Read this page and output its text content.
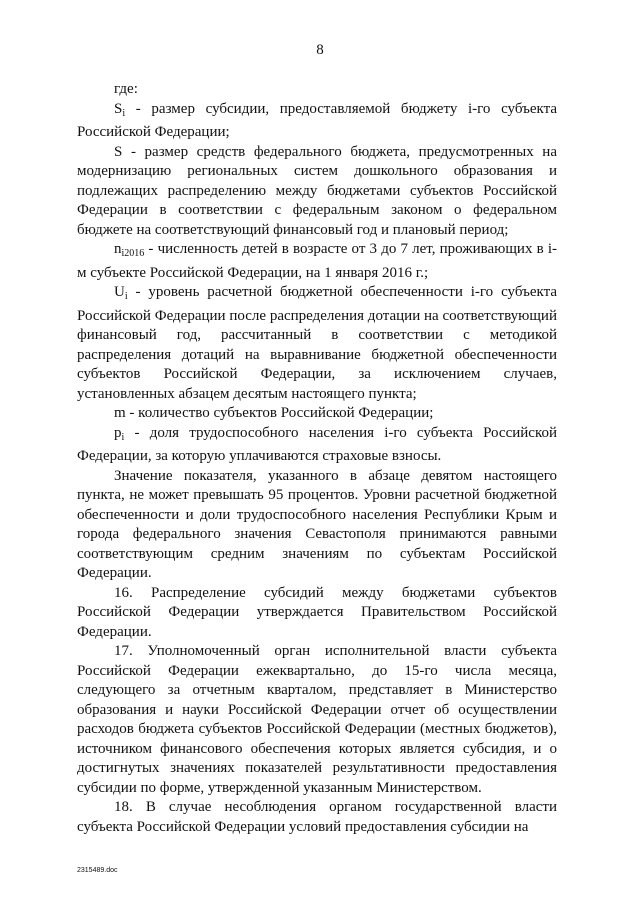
8

где:

$S_i$ - размер субсидии, предоставляемой бюджету i-го субъекта Российской Федерации;

S - размер средств федерального бюджета, предусмотренных на модернизацию региональных систем дошкольного образования и подлежащих распределению между бюджетами субъектов Российской Федерации в соответствии с федеральным законом о федеральном бюджете на соответствующий финансовый год и плановый период;

$n_{i2016}$ - численность детей в возрасте от 3 до 7 лет, проживающих в i-м субъекте Российской Федерации, на 1 января 2016 г.;

$U_i$ - уровень расчетной бюджетной обеспеченности i-го субъекта Российской Федерации после распределения дотации на соответствующий финансовый год, рассчитанный в соответствии с методикой распределения дотаций на выравнивание бюджетной обеспеченности субъектов Российской Федерации, за исключением случаев, установленных абзацем десятым настоящего пункта;

m - количество субъектов Российской Федерации;

$p_i$ - доля трудоспособного населения i-го субъекта Российской Федерации, за которую уплачиваются страховые взносы.

Значение показателя, указанного в абзаце девятом настоящего пункта, не может превышать 95 процентов. Уровни расчетной бюджетной обеспеченности и доли трудоспособного населения Республики Крым и города федерального значения Севастополя принимаются равными соответствующим средним значениям по субъектам Российской Федерации.

16. Распределение субсидий между бюджетами субъектов Российской Федерации утверждается Правительством Российской Федерации.

17. Уполномоченный орган исполнительной власти субъекта Российской Федерации ежеквартально, до 15-го числа месяца, следующего за отчетным кварталом, представляет в Министерство образования и науки Российской Федерации отчет об осуществлении расходов бюджета субъектов Российской Федерации (местных бюджетов), источником финансового обеспечения которых является субсидия, и о достигнутых значениях показателей результативности предоставления субсидии по форме, утвержденной указанным Министерством.

18. В случае несоблюдения органом государственной власти субъекта Российской Федерации условий предоставления субсидии на

2315489.doc
